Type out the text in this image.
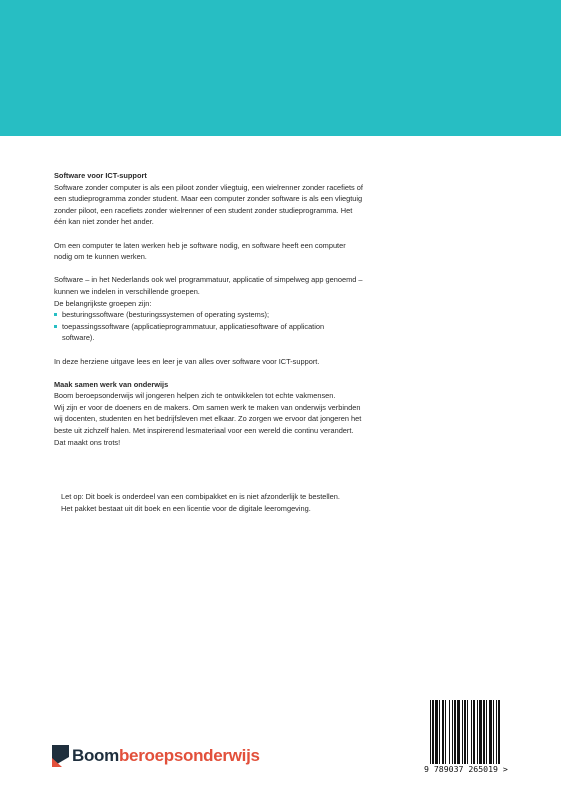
Software voor ICT-support

Software zonder computer is als een piloot zonder vliegtuig, een wielrenner zonder racefiets of

een studieprogramma zonder student. Maar een computer zonder software is als een vliegtuig

zonder piloot, een racefiets zonder wielrenner of een student zonder studieprogramma. Het

één kan niet zonder het ander.

Om een computer te laten werken heb je software nodig, en software heeft een computer

nodig om te kunnen werken.

Software – in het Nederlands ook wel programmatuur, applicatie of simpelweg app genoemd –

kunnen we indelen in verschillende groepen.

De belangrijkste groepen zijn:

besturingssoftware (besturingssystemen of operating systems);
toepassingssoftware (applicatieprogrammatuur, applicatiesoftware of application
software).

In deze herziene uitgave lees en leer je van alles over software voor ICT-support.

Maak samen werk van onderwijs

Boom beroepsonderwijs wil jongeren helpen zich te ontwikkelen tot echte vakmensen.

Wij zijn er voor de doeners en de makers. Om samen werk te maken van onderwijs verbinden

wij docenten, studenten en het bedrijfsleven met elkaar. Zo zorgen we ervoor dat jongeren het

beste uit zichzelf halen. Met inspirerend lesmateriaal voor een wereld die continu verandert.

Dat maakt ons trots!

Let op: Dit boek is onderdeel van een combipakket en is niet afzonderlijk te bestellen.

Het pakket bestaat uit dit boek en een licentie voor de digitale leeromgeving.

Boom beroepsonderwijs
9 789037 265019 >
